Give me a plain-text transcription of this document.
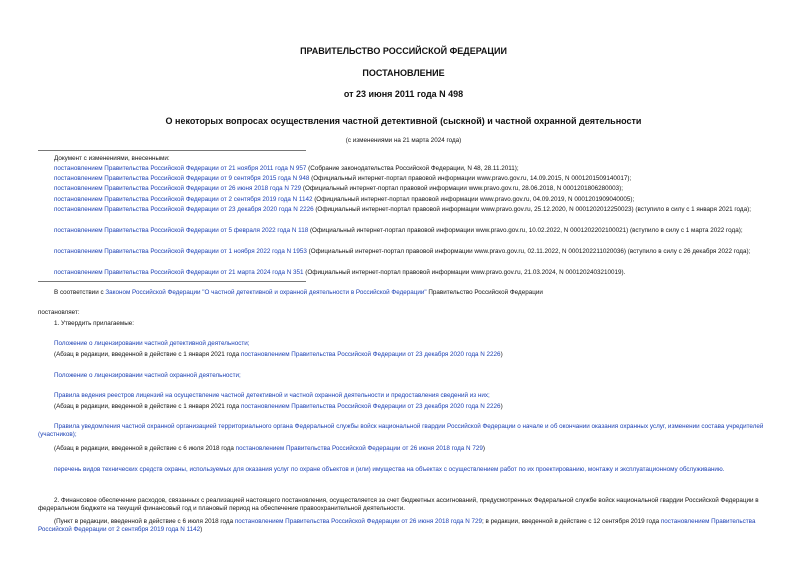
ПРАВИТЕЛЬСТВО РОССИЙСКОЙ ФЕДЕРАЦИИ
ПОСТАНОВЛЕНИЕ
от 23 июня 2011 года N 498
О некоторых вопросах осуществления частной детективной (сыскной) и частной охранной деятельности
(с изменениями на 21 марта 2024 года)
Документ с изменениями, внесенными:
постановлением Правительства Российской Федерации от 21 ноября 2011 года N 957 (Собрание законодательства Российской Федерации, N 48, 28.11.2011);
постановлением Правительства Российской Федерации от 9 сентября 2015 года N 948 (Официальный интернет-портал правовой информации www.pravo.gov.ru, 14.09.2015, N 0001201509140017);
постановлением Правительства Российской Федерации от 26 июня 2018 года N 729 (Официальный интернет-портал правовой информации www.pravo.gov.ru, 28.06.2018, N 0001201806280003);
постановлением Правительства Российской Федерации от 2 сентября 2019 года N 1142 (Официальный интернет-портал правовой информации www.pravo.gov.ru, 04.09.2019, N 0001201909040005);
постановлением Правительства Российской Федерации от 23 декабря 2020 года N 2226 (Официальный интернет-портал правовой информации www.pravo.gov.ru, 25.12.2020, N 0001202012250023) (вступило в силу с 1 января 2021 года);
постановлением Правительства Российской Федерации от 5 февраля 2022 года N 118 (Официальный интернет-портал правовой информации www.pravo.gov.ru, 10.02.2022, N 0001202202100021) (вступило в силу с 1 марта 2022 года);
постановлением Правительства Российской Федерации от 1 ноября 2022 года N 1953 (Официальный интернет-портал правовой информации www.pravo.gov.ru, 02.11.2022, N 0001202211020036) (вступило в силу с 26 декабря 2022 года);
постановлением Правительства Российской Федерации от 21 марта 2024 года N 351 (Официальный интернет-портал правовой информации www.pravo.gov.ru, 21.03.2024, N 0001202403210019).
В соответствии с Законом Российской Федерации "О частной детективной и охранной деятельности в Российской Федерации" Правительство Российской Федерации
постановляет:
1. Утвердить прилагаемые:
Положение о лицензировании частной детективной деятельности;
(Абзац в редакции, введенной в действие с 1 января 2021 года постановлением Правительства Российской Федерации от 23 декабря 2020 года N 2226)
Положение о лицензировании частной охранной деятельности;
Правила ведения реестров лицензий на осуществление частной детективной и частной охранной деятельности и предоставления сведений из них;
(Абзац в редакции, введенной в действие с 1 января 2021 года постановлением Правительства Российской Федерации от 23 декабря 2020 года N 2226)
Правила уведомления частной охранной организацией территориального органа Федеральной службы войск национальной гвардии Российской Федерации о начале и об окончании оказания охранных услуг, изменении состава учредителей (участников);
(Абзац в редакции, введенной в действие с 6 июля 2018 года постановлением Правительства Российской Федерации от 26 июня 2018 года N 729)
перечень видов технических средств охраны, используемых для оказания услуг по охране объектов и (или) имущества на объектах с осуществлением работ по их проектированию, монтажу и эксплуатационному обслуживанию.
2. Финансовое обеспечение расходов, связанных с реализацией настоящего постановления, осуществляется за счет бюджетных ассигнований, предусмотренных Федеральной службе войск национальной гвардии Российской Федерации в федеральном бюджете на текущий финансовый год и плановый период на обеспечение правоохранительной деятельности.
(Пункт в редакции, введенной в действие с 6 июля 2018 года постановлением Правительства Российской Федерации от 26 июня 2018 года N 729; в редакции, введенной в действие с 12 сентября 2019 года постановлением Правительства Российской Федерации от 2 сентября 2019 года N 1142)
